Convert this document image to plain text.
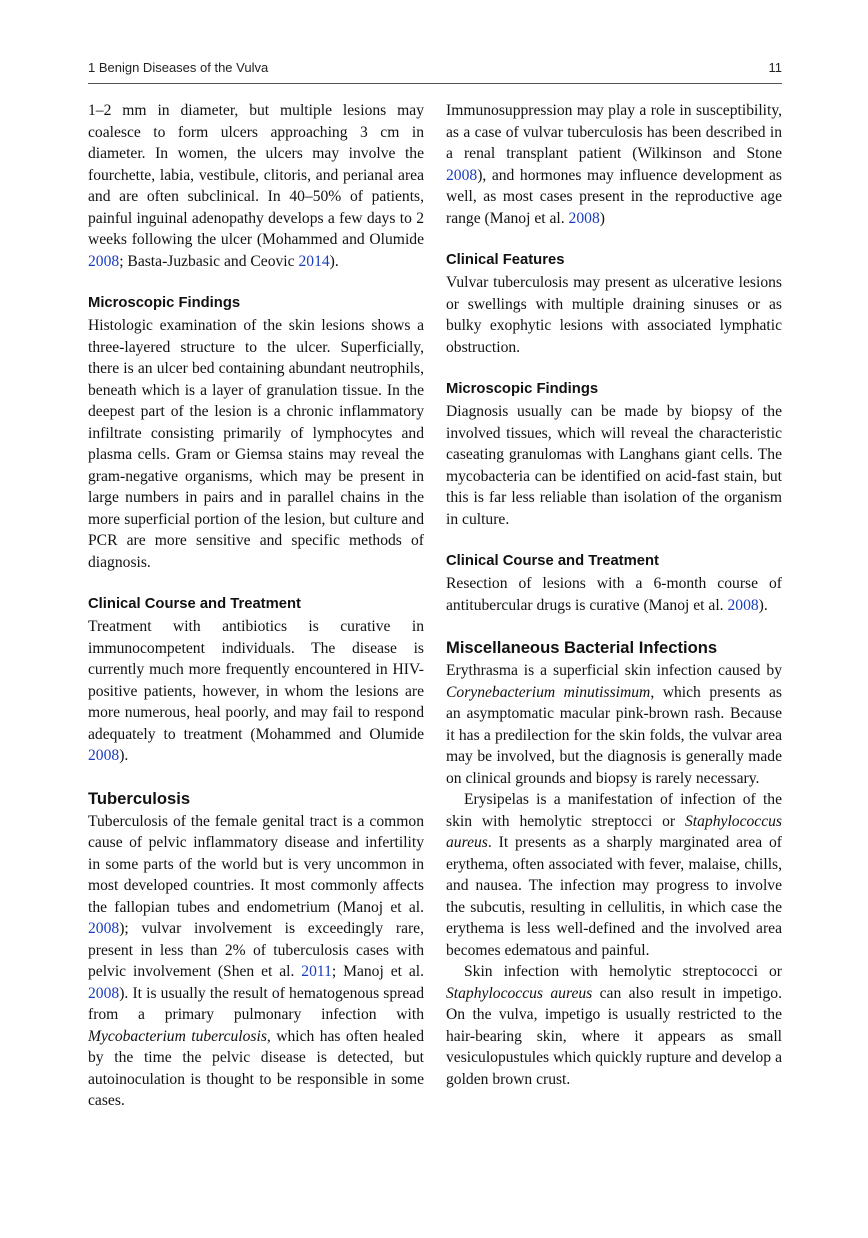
1 Benign Diseases of the Vulva	11

1–2 mm in diameter, but multiple lesions may coalesce to form ulcers approaching 3 cm in diameter. In women, the ulcers may involve the fourchette, labia, vestibule, clitoris, and perianal area and are often subclinical. In 40–50% of patients, painful inguinal adenopathy develops a few days to 2 weeks following the ulcer (Mohammed and Olumide 2008; Basta-Juzbasic and Ceovic 2014).

Microscopic Findings

Histologic examination of the skin lesions shows a three-layered structure to the ulcer. Superficially, there is an ulcer bed containing abundant neutrophils, beneath which is a layer of granulation tissue. In the deepest part of the lesion is a chronic inflammatory infiltrate consisting primarily of lymphocytes and plasma cells. Gram or Giemsa stains may reveal the gram-negative organisms, which may be present in large numbers in pairs and in parallel chains in the more superficial portion of the lesion, but culture and PCR are more sensitive and specific methods of diagnosis.

Clinical Course and Treatment

Treatment with antibiotics is curative in immunocompetent individuals. The disease is currently much more frequently encountered in HIV-positive patients, however, in whom the lesions are more numerous, heal poorly, and may fail to respond adequately to treatment (Mohammed and Olumide 2008).

Tuberculosis

Tuberculosis of the female genital tract is a common cause of pelvic inflammatory disease and infertility in some parts of the world but is very uncommon in most developed countries. It most commonly affects the fallopian tubes and endometrium (Manoj et al. 2008); vulvar involvement is exceedingly rare, present in less than 2% of tuberculosis cases with pelvic involvement (Shen et al. 2011; Manoj et al. 2008). It is usually the result of hematogenous spread from a primary pulmonary infection with Mycobacterium tuberculosis, which has often healed by the time the pelvic disease is detected, but autoinoculation is thought to be responsible in some cases.

Immunosuppression may play a role in susceptibility, as a case of vulvar tuberculosis has been described in a renal transplant patient (Wilkinson and Stone 2008), and hormones may influence development as well, as most cases present in the reproductive age range (Manoj et al. 2008)

Clinical Features

Vulvar tuberculosis may present as ulcerative lesions or swellings with multiple draining sinuses or as bulky exophytic lesions with associated lymphatic obstruction.

Microscopic Findings

Diagnosis usually can be made by biopsy of the involved tissues, which will reveal the characteristic caseating granulomas with Langhans giant cells. The mycobacteria can be identified on acid-fast stain, but this is far less reliable than isolation of the organism in culture.

Clinical Course and Treatment

Resection of lesions with a 6-month course of antitubercular drugs is curative (Manoj et al. 2008).

Miscellaneous Bacterial Infections

Erythrasma is a superficial skin infection caused by Corynebacterium minutissimum, which presents as an asymptomatic macular pink-brown rash. Because it has a predilection for the skin folds, the vulvar area may be involved, but the diagnosis is generally made on clinical grounds and biopsy is rarely necessary.

Erysipelas is a manifestation of infection of the skin with hemolytic streptocci or Staphylococcus aureus. It presents as a sharply marginated area of erythema, often associated with fever, malaise, chills, and nausea. The infection may progress to involve the subcutis, resulting in cellulitis, in which case the erythema is less well-defined and the involved area becomes edematous and painful.

Skin infection with hemolytic streptococci or Staphylococcus aureus can also result in impetigo. On the vulva, impetigo is usually restricted to the hair-bearing skin, where it appears as small vesiculopustules which quickly rupture and develop a golden brown crust.
